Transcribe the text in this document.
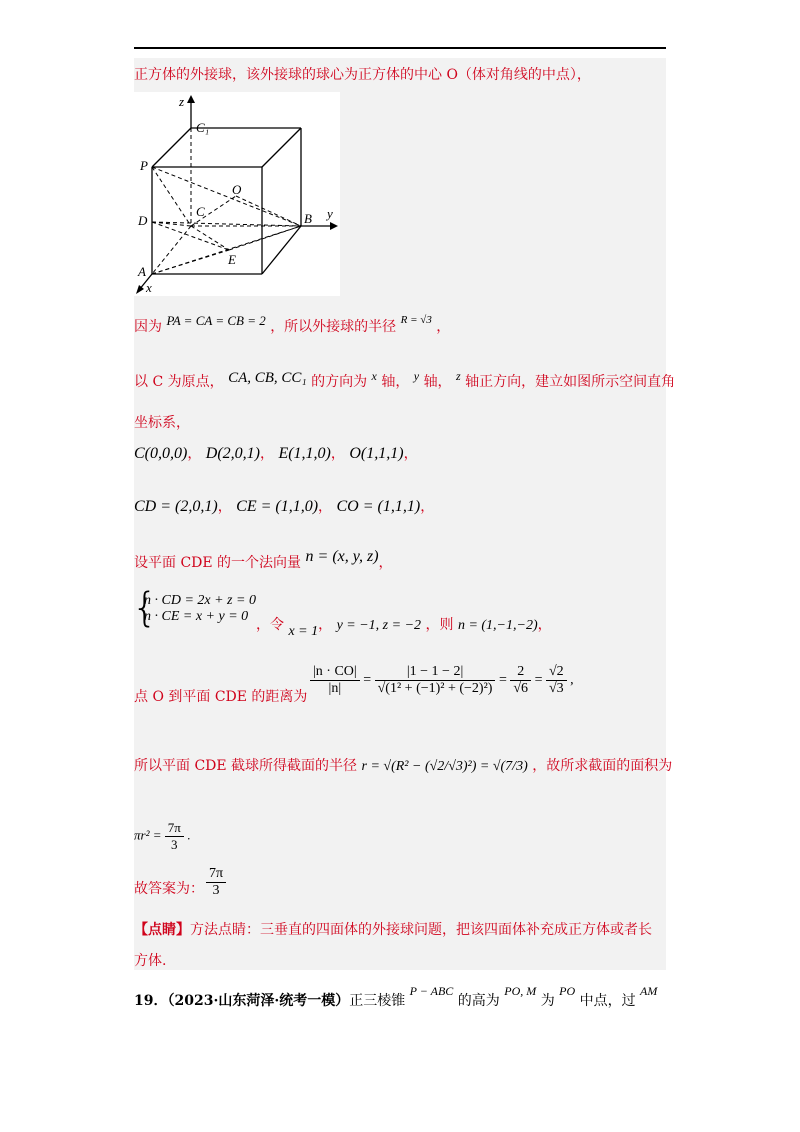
正方体的外接球，该外接球的球心为正方体的中心 O（体对角线的中点），
z
y
x
C₁
P
O
C
D	B
E
A
因为 PA = CA = CB = 2 ，所以外接球的半径 $^{R = √3}$ ，
以 C 为原点， CA, CB, CC₁ 的方向为 x 轴， y 轴， z 轴正方向，建立如图所示空间直角
坐标系，
C(0,0,0)， D(2,0,1)， E(1,1,0)， O(1,1,1)，
CD = (2,0,1)， CE = (1,1,0)， CO = (1,1,1)，
设平面 CDE 的一个法向量 n = (x, y, z)，
{
n · CD = 2x + z = 0
n · CE = x + y = 0
，令 x = 1， y = −1, z = −2 ，则 n = (1,−1,−2)，
点 O 到平面 CDE 的距离为 $\frac{|n \cdot CO|}{|n|} = \frac{|1 - 1 - 2|}{\text{√(1² + (−1)² + (−2)²)}} = \frac{2}{√6} = \frac{√2}{√3}$ ,
所以平面 CDE 截球所得截面的半径 r = √(R² − (√2/√3)²) = √(7/3) ，故所求截面的面积为
$\pi r^2 = \frac{7\pi}{3}$ .
故答案为： $\frac{7\pi}{3}$
【点睛】方法点睛：三垂直的四面体的外接球问题，把该四面体补充成正方体或者长
方体.
19．（2023·山东菏泽·统考一模）正三棱锥 P − ABC 的高为 PO, M 为 PO 中点，过 AM
